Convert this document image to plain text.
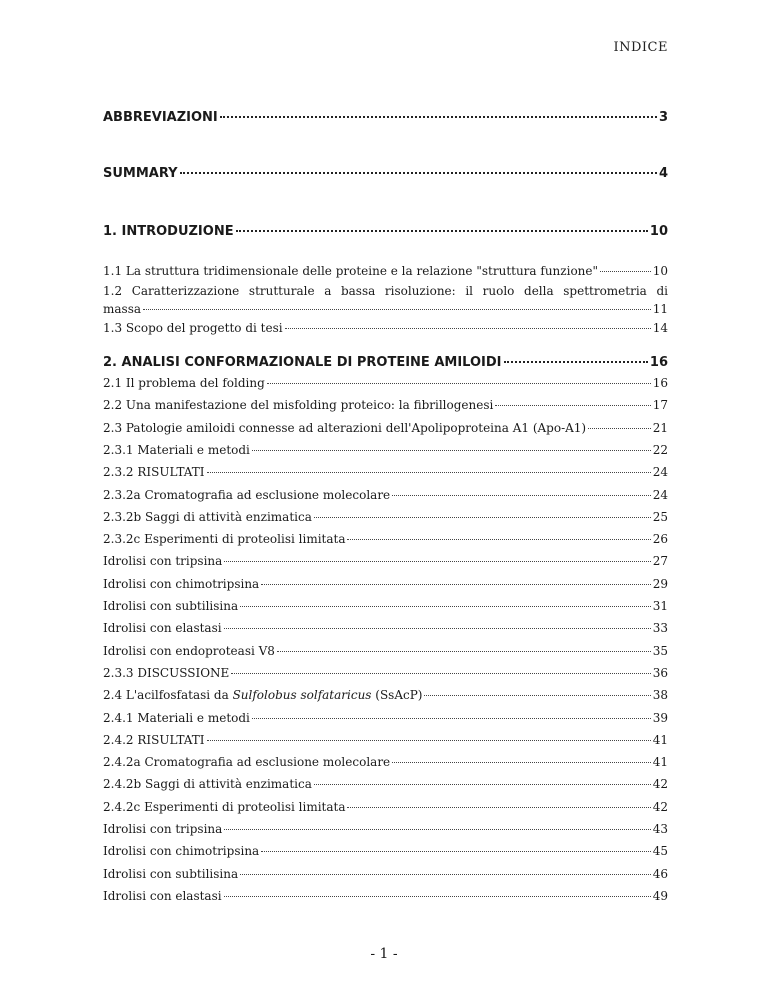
INDICE
ABBREVIAZIONI	3
SUMMARY	4
1. INTRODUZIONE	10
1.1 La struttura tridimensionale delle proteine e la relazione "struttura funzione"	10
1.2 Caratterizzazione strutturale a bassa risoluzione: il ruolo della spettrometria di
massa	11
1.3 Scopo del progetto di tesi	14
2. ANALISI CONFORMAZIONALE DI PROTEINE AMILOIDI	16
2.1 Il problema del folding	16
2.2 Una manifestazione del misfolding proteico: la fibrillogenesi	17
2.3 Patologie amiloidi connesse ad alterazioni dell'Apolipoproteina A1 (Apo-A1)	21
2.3.1 Materiali e metodi	22
2.3.2 RISULTATI	24
2.3.2a Cromatografia ad esclusione molecolare	24
2.3.2b Saggi di attività enzimatica	25
2.3.2c Esperimenti di proteolisi limitata	26
Idrolisi con tripsina	27
Idrolisi con chimotripsina	29
Idrolisi con subtilisina	31
Idrolisi con elastasi	33
Idrolisi con endoproteasi V8	35
2.3.3 DISCUSSIONE	36
2.4 L'acilfosfatasi da Sulfolobus solfataricus (SsAcP)	38
2.4.1 Materiali e metodi	39
2.4.2 RISULTATI	41
2.4.2a Cromatografia ad esclusione molecolare	41
2.4.2b Saggi di attività enzimatica	42
2.4.2c Esperimenti di proteolisi limitata	42
Idrolisi con tripsina	43
Idrolisi con chimotripsina	45
Idrolisi con subtilisina	46
Idrolisi con elastasi	49
- 1 -
